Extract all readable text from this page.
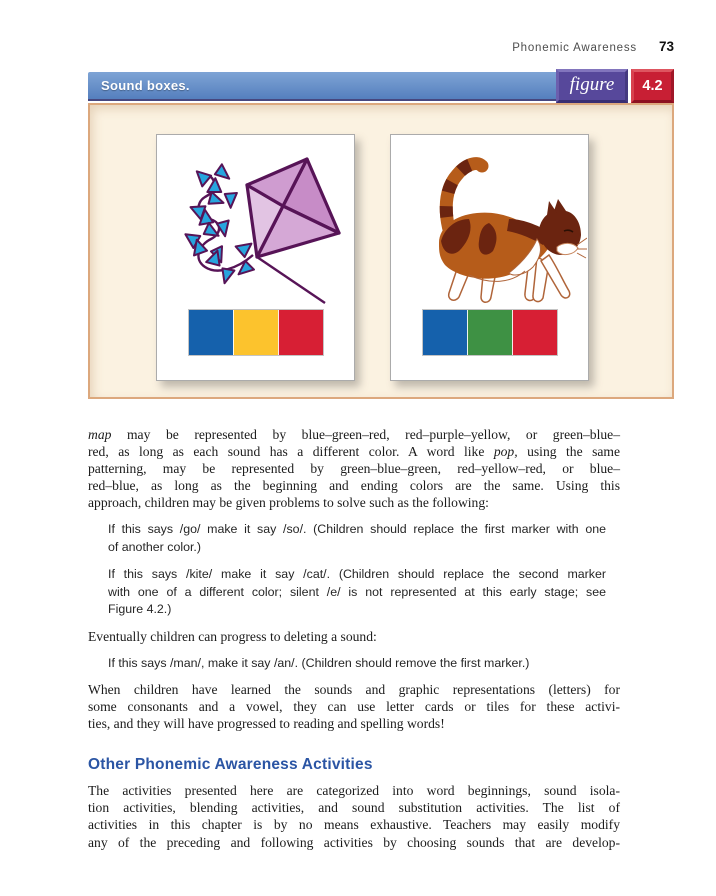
Phonemic Awareness 73
Sound boxes.	figure 4.2
map may be represented by blue–green–red, red–purple–yellow, or green–blue–
red, as long as each sound has a different color. A word like pop, using the same
patterning, may be represented by green–blue–green, red–yellow–red, or blue–
red–blue, as long as the beginning and ending colors are the same. Using this
approach, children may be given problems to solve such as the following:
If this says /go/ make it say /so/. (Children should replace the first marker with one
of another color.)
If this says /kite/ make it say /cat/. (Children should replace the second marker
with one of a different color; silent /e/ is not represented at this early stage; see
Figure 4.2.)
Eventually children can progress to deleting a sound:
If this says /man/, make it say /an/. (Children should remove the first marker.)
When children have learned the sounds and graphic representations (letters) for
some consonants and a vowel, they can use letter cards or tiles for these activi-
ties, and they will have progressed to reading and spelling words!
Other Phonemic Awareness Activities
The activities presented here are categorized into word beginnings, sound isola-
tion activities, blending activities, and sound substitution activities. The list of
activities in this chapter is by no means exhaustive. Teachers may easily modify
any of the preceding and following activities by choosing sounds that are develop-
